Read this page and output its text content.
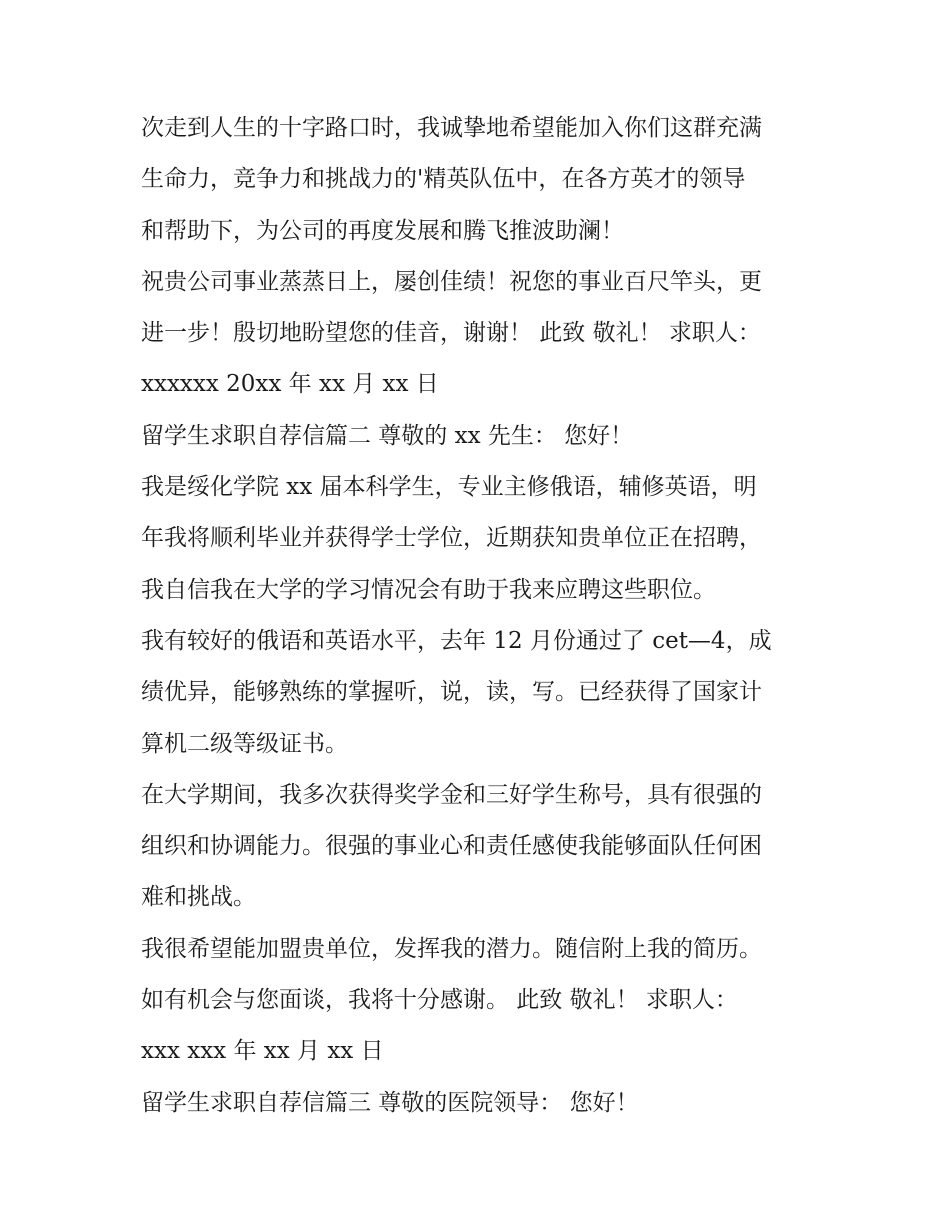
次走到人生的十字路口时，我诚挚地希望能加入你们这群充满
生命力，竞争力和挑战力的'精英队伍中，在各方英才的领导
和帮助下，为公司的再度发展和腾飞推波助澜！
祝贵公司事业蒸蒸日上，屡创佳绩！祝您的事业百尺竿头，更
进一步！殷切地盼望您的佳音，谢谢！ 此致 敬礼！ 求职人：
xxxxxx 20xx 年 xx 月 xx 日
留学生求职自荐信篇二 尊敬的 xx 先生： 您好！
我是绥化学院 xx 届本科学生，专业主修俄语，辅修英语，明
年我将顺利毕业并获得学士学位，近期获知贵单位正在招聘，
我自信我在大学的学习情况会有助于我来应聘这些职位。
我有较好的俄语和英语水平，去年 12 月份通过了 cet—4，成
绩优异，能够熟练的掌握听，说，读，写。已经获得了国家计
算机二级等级证书。
在大学期间，我多次获得奖学金和三好学生称号，具有很强的
组织和协调能力。很强的事业心和责任感使我能够面队任何困
难和挑战。
我很希望能加盟贵单位，发挥我的潜力。随信附上我的简历。
如有机会与您面谈，我将十分感谢。 此致 敬礼！ 求职人：
xxx xxx 年 xx 月 xx 日
留学生求职自荐信篇三 尊敬的医院领导： 您好！
